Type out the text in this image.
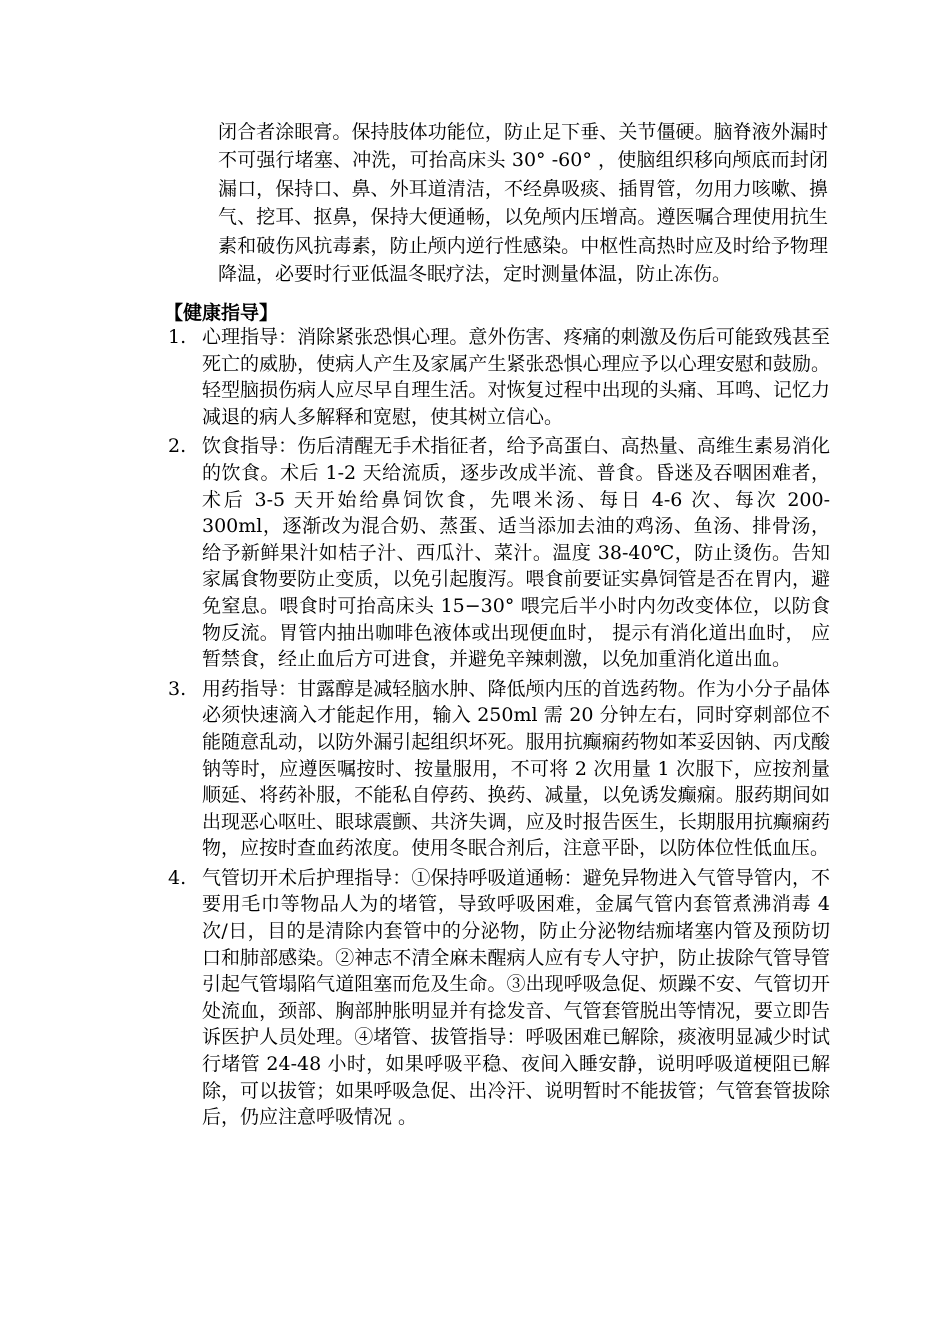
闭合者涂眼膏。保持肢体功能位，防止足下垂、关节僵硬。脑脊液外漏时不可强行堵塞、冲洗，可抬高床头 30° -60° ，使脑组织移向颅底而封闭漏口，保持口、鼻、外耳道清洁，不经鼻吸痰、插胃管，勿用力咳嗽、擤气、挖耳、抠鼻，保持大便通畅，以免颅内压增高。遵医嘱合理使用抗生素和破伤风抗毒素，防止颅内逆行性感染。中枢性高热时应及时给予物理降温，必要时行亚低温冬眠疗法，定时测量体温，防止冻伤。

【健康指导】

1. 心理指导：消除紧张恐惧心理。意外伤害、疼痛的刺激及伤后可能致残甚至死亡的威胁，使病人产生及家属产生紧张恐惧心理应予以心理安慰和鼓励。轻型脑损伤病人应尽早自理生活。对恢复过程中出现的头痛、耳鸣、记忆力减退的病人多解释和宽慰，使其树立信心。
2. 饮食指导：伤后清醒无手术指征者，给予高蛋白、高热量、高维生素易消化的饮食。术后 1-2 天给流质，逐步改成半流、普食。昏迷及吞咽困难者，术后 3-5 天开始给鼻饲饮食，先喂米汤、每日 4-6 次、每次 200-300ml，逐渐改为混合奶、蒸蛋、适当添加去油的鸡汤、鱼汤、排骨汤，给予新鲜果汁如桔子汁、西瓜汁、菜汁。温度 38-40℃，防止烫伤。告知家属食物要防止变质，以免引起腹泻。喂食前要证实鼻饲管是否在胃内，避免窒息。喂食时可抬高床头 15−30° 喂完后半小时内勿改变体位，以防食物反流。胃管内抽出咖啡色液体或出现便血时， 提示有消化道出血时， 应暂禁食，经止血后方可进食，并避免辛辣刺激，以免加重消化道出血。
3. 用药指导：甘露醇是减轻脑水肿、降低颅内压的首选药物。作为小分子晶体必须快速滴入才能起作用，输入 250ml 需 20 分钟左右，同时穿刺部位不能随意乱动，以防外漏引起组织坏死。服用抗癫痫药物如苯妥因钠、丙戊酸钠等时，应遵医嘱按时、按量服用，不可将 2 次用量 1 次服下，应按剂量顺延、将药补服，不能私自停药、换药、减量，以免诱发癫痫。服药期间如出现恶心呕吐、眼球震颤、共济失调，应及时报告医生，长期服用抗癫痫药物，应按时查血药浓度。使用冬眠合剂后，注意平卧，以防体位性低血压。
4. 气管切开术后护理指导：①保持呼吸道通畅：避免异物进入气管导管内，不要用毛巾等物品人为的堵管，导致呼吸困难，金属气管内套管煮沸消毒 4 次/日，目的是清除内套管中的分泌物，防止分泌物结痂堵塞内管及预防切口和肺部感染。②神志不清全麻未醒病人应有专人守护，防止拔除气管导管引起气管塌陷气道阻塞而危及生命。③出现呼吸急促、烦躁不安、气管切开处流血，颈部、胸部肿胀明显并有捻发音、气管套管脱出等情况，要立即告诉医护人员处理。④堵管、拔管指导：呼吸困难已解除，痰液明显减少时试行堵管 24-48 小时，如果呼吸平稳、夜间入睡安静，说明呼吸道梗阻已解除，可以拔管；如果呼吸急促、出冷汗、说明暂时不能拔管；气管套管拔除后，仍应注意呼吸情况 。
